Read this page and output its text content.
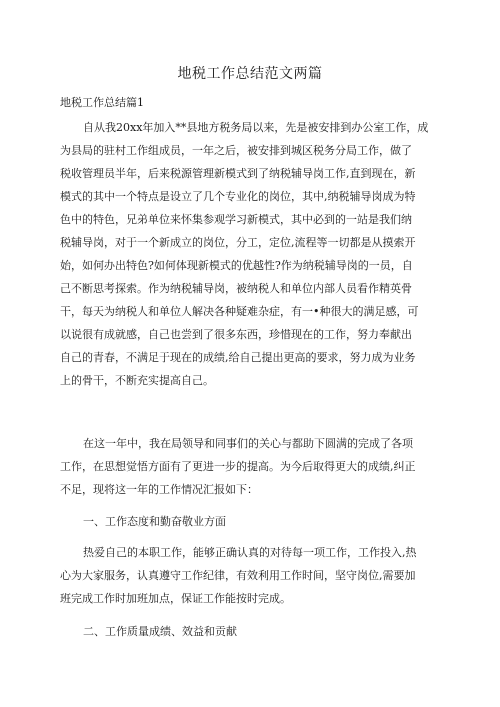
地税工作总结范文两篇
地税工作总结篇1
自从我20xx年加入**县地方税务局以来，先是被安排到办公室工作，成
为县局的驻村工作组成员，一年之后，被安排到城区税务分局工作，做了
税收管理员半年，后来税源管理新模式到了纳税辅导岗工作,直到现在，新
模式的其中一个特点是设立了几个专业化的岗位，其中,纳税辅导岗成为特
色中的特色，兄弟单位来怀集参观学习新模式，其中必到的一站是我们纳
税辅导岗，对于一个新成立的岗位，分工，定位,流程等一切都是从摸索开
始，如何办出特色?如何体现新模式的优越性?作为纳税辅导岗的一员，自
己不断思考探索。作为纳税辅导岗，被纳税人和单位内部人员看作精英骨
干，每天为纳税人和单位人解决各种疑难杂症，有一•种很大的满足感，可
以说很有成就感，自己也尝到了很多东西，珍惜现在的工作，努力奉献出
自己的青春，不满足于现在的成绩,给自己提出更高的要求，努力成为业务
上的骨干，不断充实提高自己。
在这一年中，我在局领导和同事们的关心与都助下圆满的完成了各项
工作，在思想觉悟方面有了更进一步的提高。为今后取得更大的成绩,纠正
不足，现将这一年的工作情况汇报如下：
一、工作态度和勤奋敬业方面
热爱自己的本职工作，能够正确认真的对待每一项工作，工作投入,热
心为大家服务，认真遵守工作纪律，有效利用工作时间，坚守岗位,需要加
班完成工作时加班加点，保证工作能按时完成。
二、工作质量成绩、效益和贡献
